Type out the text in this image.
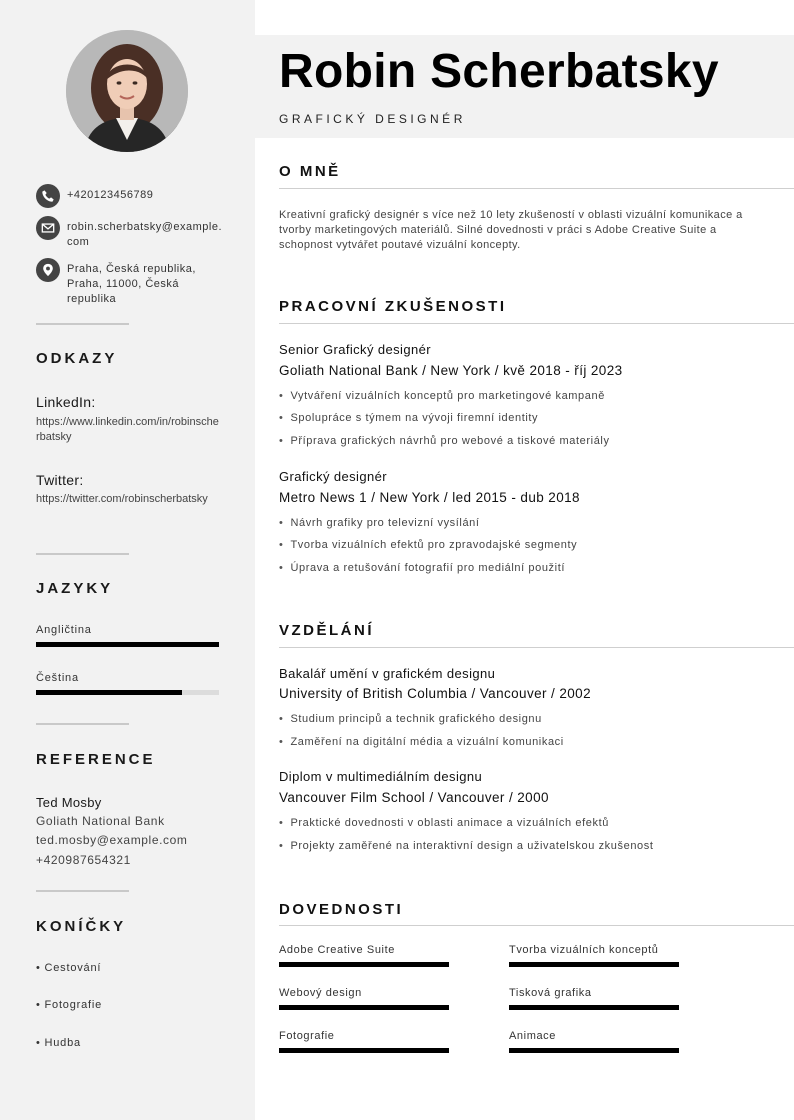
+420123456789
robin.scherbatsky@example.com
Praha, Česká republika, Praha, 11000, Česká republika
ODKAZY
LinkedIn:
https://www.linkedin.com/in/robinscherbatsky
Twitter:
https://twitter.com/robinscherbatsky
JAZYKY
Angličtina
Čeština
REFERENCE
Ted Mosby
Goliath National Bank
ted.mosby@example.com
+420987654321
KONÍČKY
• Cestování
• Fotografie
• Hudba
Robin Scherbatsky
GRAFICKÝ DESIGNÉR
O MNĚ
Kreativní grafický designér s více než 10 lety zkušeností v oblasti vizuální komunikace a tvorby marketingových materiálů. Silné dovednosti v práci s Adobe Creative Suite a schopnost vytvářet poutavé vizuální koncepty.
PRACOVNÍ ZKUŠENOSTI
Senior Grafický designér
Goliath National Bank / New York / kvě 2018 - říj 2023
• Vytváření vizuálních konceptů pro marketingové kampaně
• Spolupráce s týmem na vývoji firemní identity
• Příprava grafických návrhů pro webové a tiskové materiály
Grafický designér
Metro News 1 / New York / led 2015 - dub 2018
• Návrh grafiky pro televizní vysílání
• Tvorba vizuálních efektů pro zpravodajské segmenty
• Úprava a retušování fotografií pro mediální použití
VZDĚLÁNÍ
Bakalář umění v grafickém designu
University of British Columbia / Vancouver / 2002
• Studium principů a technik grafického designu
• Zaměření na digitální média a vizuální komunikaci
Diplom v multimediálním designu
Vancouver Film School / Vancouver / 2000
• Praktické dovednosti v oblasti animace a vizuálních efektů
• Projekty zaměřené na interaktivní design a uživatelskou zkušenost
DOVEDNOSTI
Adobe Creative Suite	Tvorba vizuálních konceptů
Webový design	Tisková grafika
Fotografie	Animace
